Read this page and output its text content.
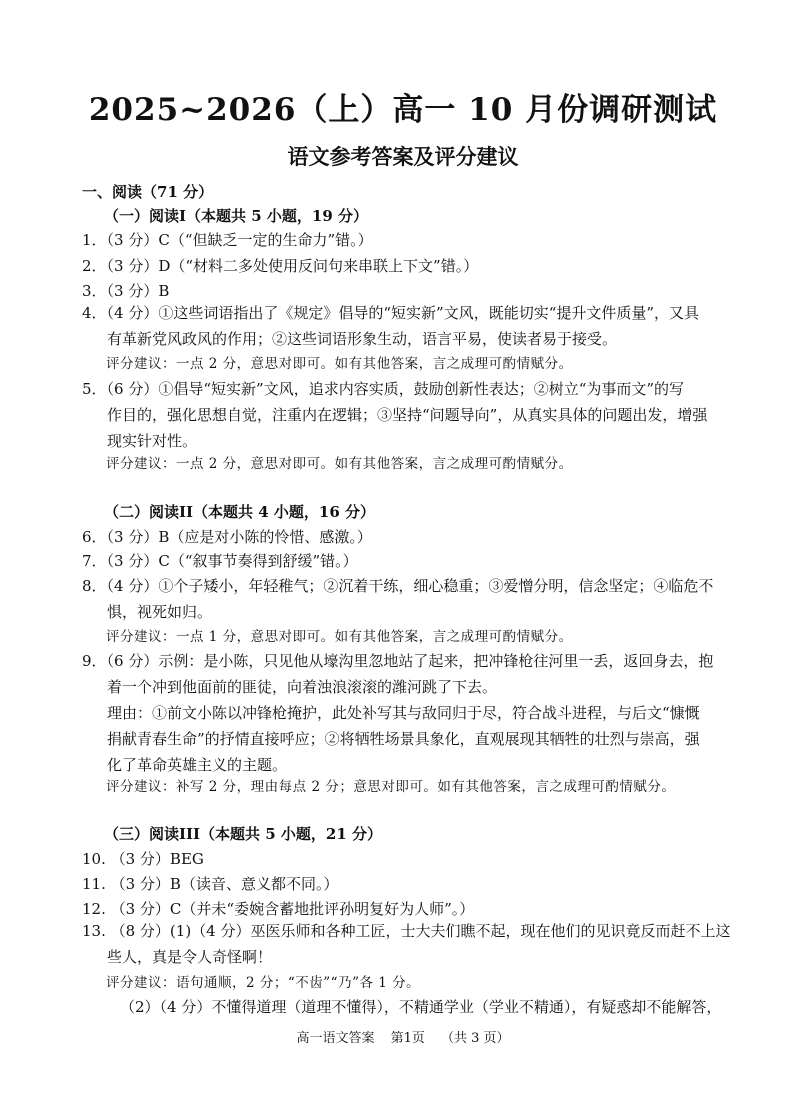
2025~2026（上）高一 10 月份调研测试
语文参考答案及评分建议
一、阅读（71 分）
（一）阅读I（本题共 5 小题，19 分）
1．（3 分）C（“但缺乏一定的生命力”错。）
2．（3 分）D（“材料二多处使用反问句来串联上下文”错。）
3．（3 分）B
4．（4 分）①这些词语指出了《规定》倡导的“短实新”文风，既能切实“提升文件质量”，又具
有革新党风政风的作用；②这些词语形象生动，语言平易，使读者易于接受。
评分建议：一点 2 分，意思对即可。如有其他答案，言之成理可酌情赋分。
5．（6 分）①倡导“短实新”文风，追求内容实质，鼓励创新性表达；②树立“为事而文”的写
作目的，强化思想自觉，注重内在逻辑；③坚持“问题导向”，从真实具体的问题出发，增强
现实针对性。
评分建议：一点 2 分，意思对即可。如有其他答案，言之成理可酌情赋分。
（二）阅读II（本题共 4 小题，16 分）
6．（3 分）B（应是对小陈的怜惜、感激。）
7．（3 分）C（“叙事节奏得到舒缓”错。）
8．（4 分）①个子矮小，年轻稚气；②沉着干练，细心稳重；③爱憎分明，信念坚定；④临危不
惧，视死如归。
评分建议：一点 1 分，意思对即可。如有其他答案，言之成理可酌情赋分。
9．（6 分）示例：是小陈，只见他从壕沟里忽地站了起来，把冲锋枪往河里一丢，返回身去，抱
着一个冲到他面前的匪徒，向着浊浪滚滚的潍河跳了下去。
理由：①前文小陈以冲锋枪掩护，此处补写其与敌同归于尽，符合战斗进程，与后文“慷慨
捐献青春生命”的抒情直接呼应；②将牺牲场景具象化，直观展现其牺牲的壮烈与崇高，强
化了革命英雄主义的主题。
评分建议：补写 2 分，理由每点 2 分；意思对即可。如有其他答案，言之成理可酌情赋分。
（三）阅读III（本题共 5 小题，21 分）
10. （3 分）BEG
11. （3 分）B（读音、意义都不同。）
12. （3 分）C（并未“委婉含蓄地批评孙明复好为人师”。）
13. （8 分）(1)（4 分）巫医乐师和各种工匠，士大夫们瞧不起，现在他们的见识竟反而赶不上这
些人，真是令人奇怪啊！
评分建议：语句通顺，2 分；“不齿”“乃”各 1 分。
（2）（4 分）不懂得道理（道理不懂得），不精通学业（学业不精通），有疑惑却不能解答，
高一语文答案 第1页 （共 3 页）
